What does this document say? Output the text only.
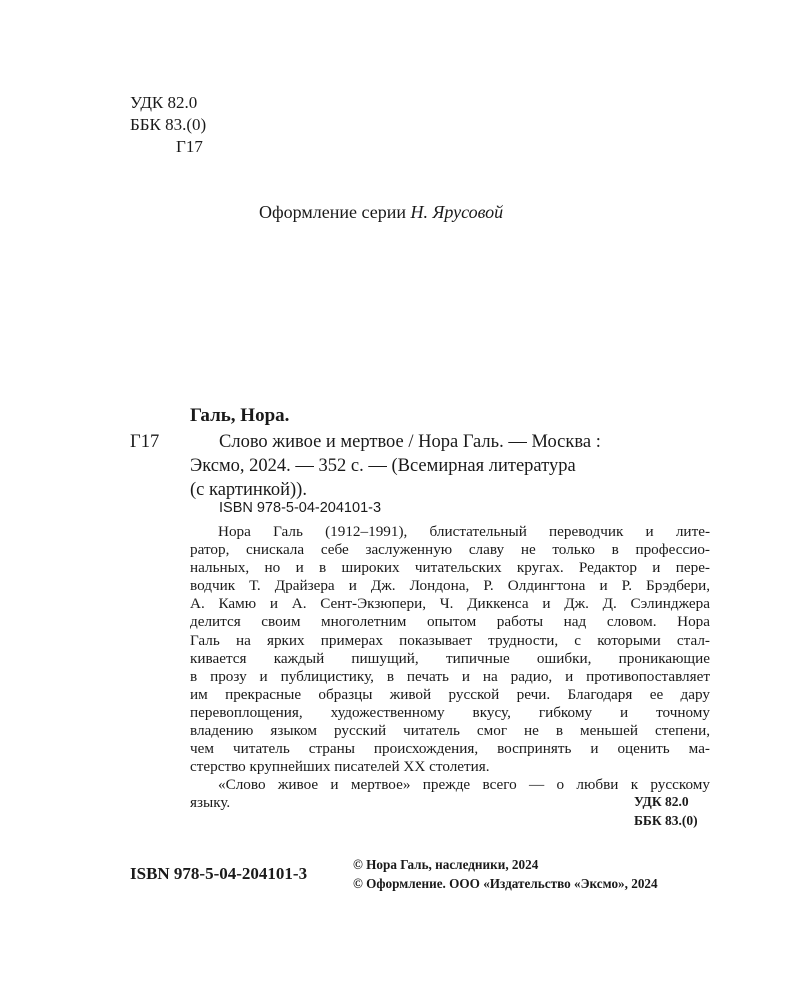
УДК 82.0
ББК 83.(0)
Г17
Оформление серии Н. Ярусовой
Галь, Нора.
Г17	Слово живое и мертвое / Нора Галь. — Москва :
Эксмо, 2024. — 352 с. — (Всемирная литература
(с картинкой)).
ISBN 978-5-04-204101-3
Нора Галь (1912–1991), блистательный переводчик и лите-
ратор, снискала себе заслуженную славу не только в профессио-
нальных, но и в широких читательских кругах. Редактор и пере-
водчик Т. Драйзера и Дж. Лондона, Р. Олдингтона и Р. Брэдбери,
А. Камю и А. Сент-Экзюпери, Ч. Диккенса и Дж. Д. Сэлинджера
делится своим многолетним опытом работы над словом. Нора
Галь на ярких примерах показывает трудности, с которыми стал-
кивается каждый пишущий, типичные ошибки, проникающие
в прозу и публицистику, в печать и на радио, и противопоставляет
им прекрасные образцы живой русской речи. Благодаря ее дару
перевоплощения, художественному вкусу, гибкому и точному
владению языком русский читатель смог не в меньшей степени,
чем читатель страны происхождения, воспринять и оценить ма-
стерство крупнейших писателей XX столетия.
«Слово живое и мертвое» прежде всего — о любви к русскому
языку.	УДК 82.0
ББК 83.(0)
ISBN 978-5-04-204101-3	© Нора Галь, наследники, 2024
© Оформление. ООО «Издательство «Эксмо», 2024
